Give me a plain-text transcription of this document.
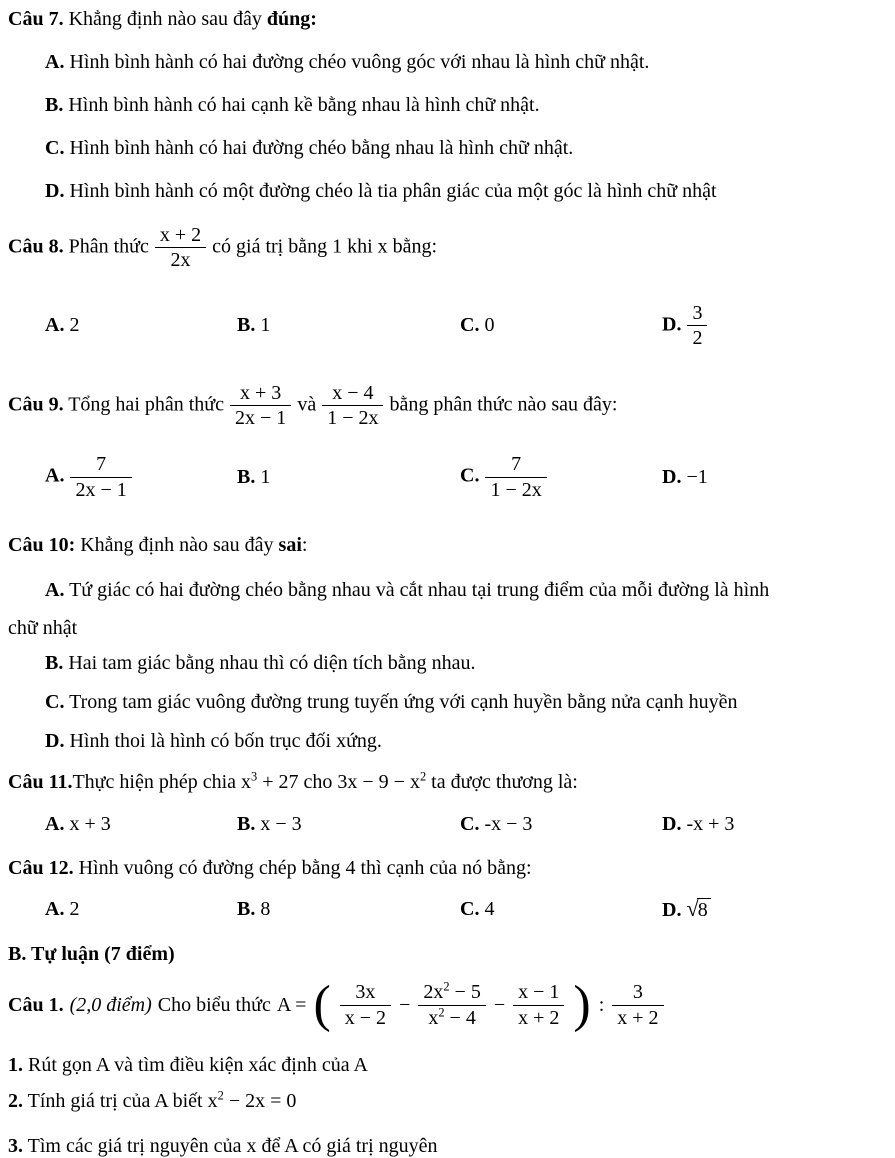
Câu 7. Khẳng định nào sau đây đúng:

A. Hình bình hành có hai đường chéo vuông góc với nhau là hình chữ nhật.

B. Hình bình hành có hai cạnh kề bằng nhau là hình chữ nhật.

C. Hình bình hành có hai đường chéo bằng nhau là hình chữ nhật.

D. Hình bình hành có một đường chéo là tia phân giác của một góc là hình chữ nhật

Câu 8. Phân thức $\frac{x + 2}{2x}$ có giá trị bằng 1 khi x bằng:

A. 2	B. 1	C. 0	D. $\frac{3}{2}$

Câu 9. Tổng hai phân thức $\frac{x + 3}{2x - 1}$ và $\frac{x - 4}{1 - 2x}$ bằng phân thức nào sau đây:

A. $\frac{7}{2x - 1}$	B. 1	C. $\frac{7}{1 - 2x}$	D. −1

Câu 10: Khẳng định nào sau đây sai:

A. Tứ giác có hai đường chéo bằng nhau và cắt nhau tại trung điểm của mỗi đường là hình
chữ nhật

B. Hai tam giác bằng nhau thì có diện tích bằng nhau.

C. Trong tam giác vuông đường trung tuyến ứng với cạnh huyền bằng nửa cạnh huyền

D. Hình thoi là hình có bốn trục đối xứng.

Câu 11.Thực hiện phép chia $x^3 + 27$ cho $3x - 9 - x^2$ ta được thương là:

A. x + 3	B. x − 3	C. -x − 3	D. -x + 3

Câu 12. Hình vuông có đường chép bằng 4 thì cạnh của nó bằng:

A. 2	B. 8	C. 4	D. √8

B. Tự luận (7 điểm)

Câu 1. (2,0 điểm) Cho biểu thức A = ( $\frac{3x}{x - 2} - \frac{2x^2 - 5}{x^2 - 4} - \frac{x - 1}{x + 2}$ ) : $\frac{3}{x + 2}$

1. Rút gọn A và tìm điều kiện xác định của A

2. Tính giá trị của A biết $x^2 - 2x = 0$

3. Tìm các giá trị nguyên của x để A có giá trị nguyên
